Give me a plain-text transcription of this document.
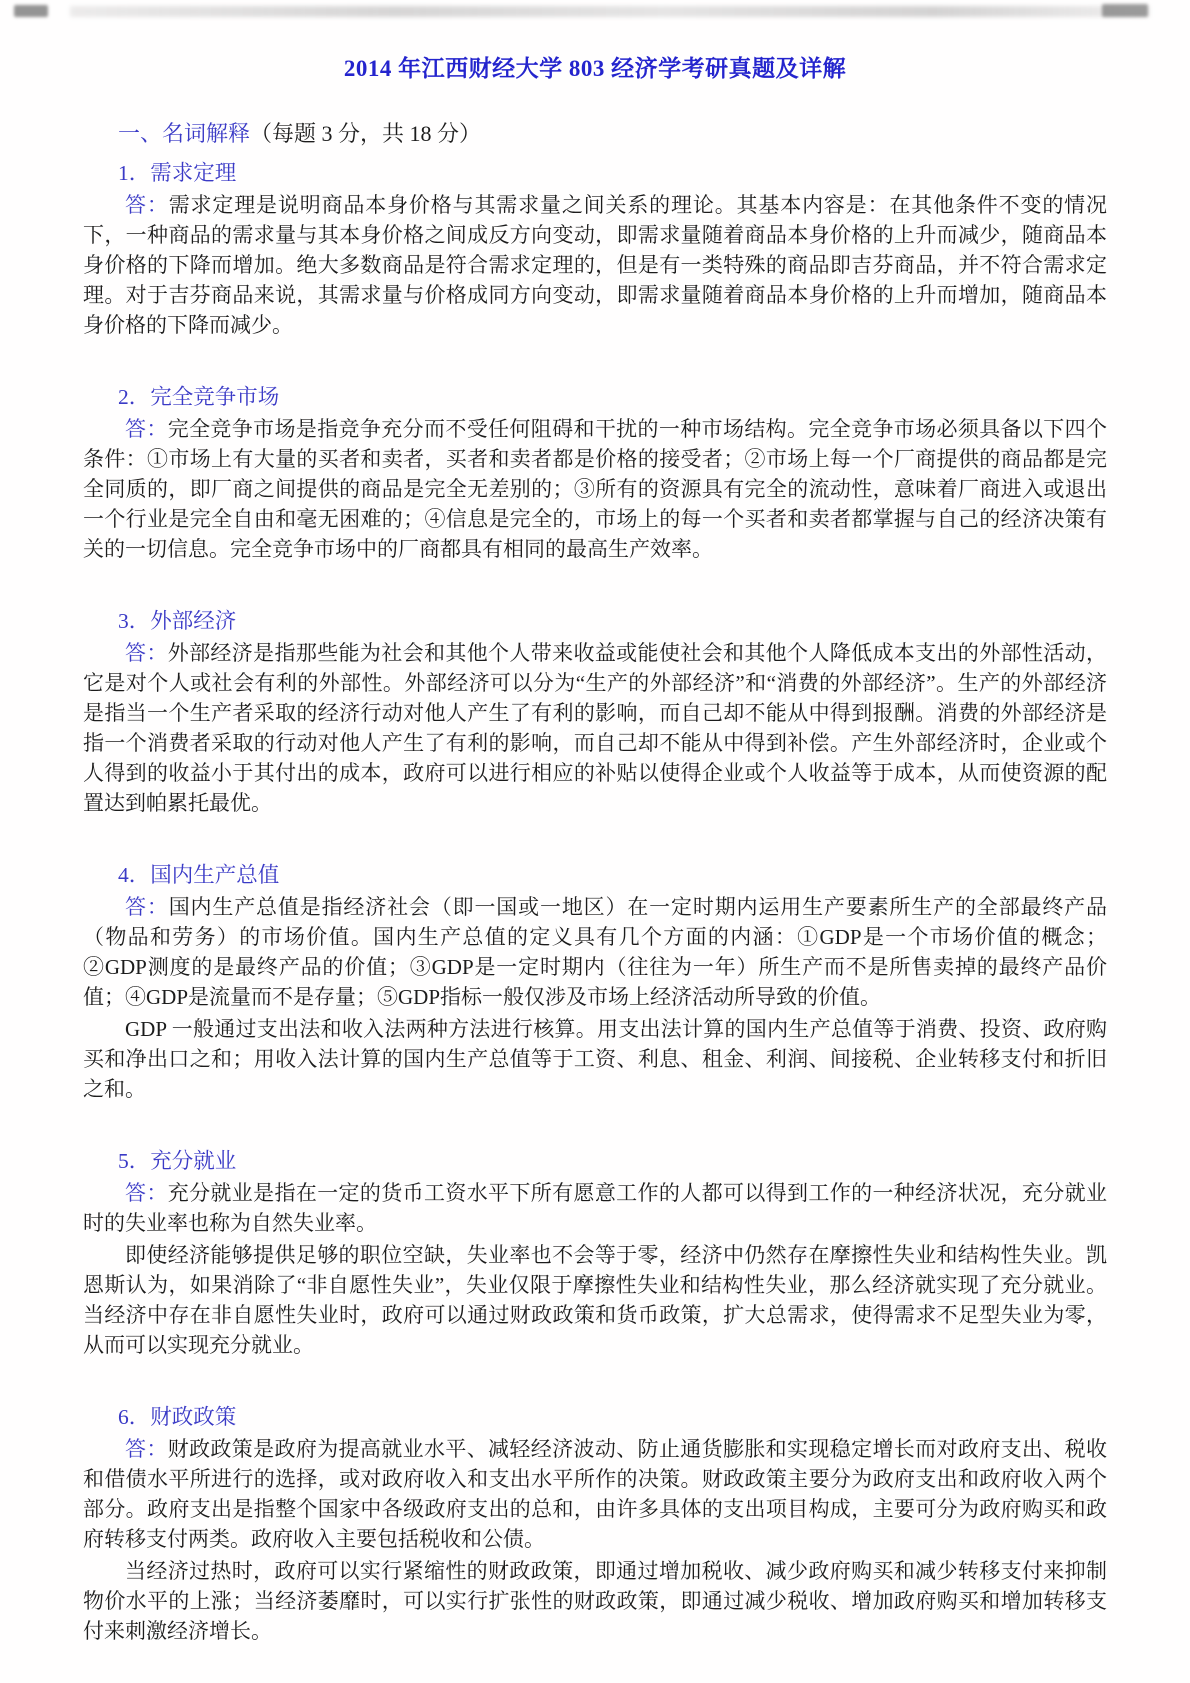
2014 年江西财经大学 803 经济学考研真题及详解

一、名词解释（每题 3 分，共 18 分）

1．需求定理

答：需求定理是说明商品本身价格与其需求量之间关系的理论。其基本内容是：在其他条件不变的情况下，一种商品的需求量与其本身价格之间成反方向变动，即需求量随着商品本身价格的上升而减少，随商品本身价格的下降而增加。绝大多数商品是符合需求定理的，但是有一类特殊的商品即吉芬商品，并不符合需求定理。对于吉芬商品来说，其需求量与价格成同方向变动，即需求量随着商品本身价格的上升而增加，随商品本身价格的下降而减少。

2．完全竞争市场

答：完全竞争市场是指竞争充分而不受任何阻碍和干扰的一种市场结构。完全竞争市场必须具备以下四个条件：①市场上有大量的买者和卖者，买者和卖者都是价格的接受者；②市场上每一个厂商提供的商品都是完全同质的，即厂商之间提供的商品是完全无差别的；③所有的资源具有完全的流动性，意味着厂商进入或退出一个行业是完全自由和毫无困难的；④信息是完全的，市场上的每一个买者和卖者都掌握与自己的经济决策有关的一切信息。完全竞争市场中的厂商都具有相同的最高生产效率。

3．外部经济

答：外部经济是指那些能为社会和其他个人带来收益或能使社会和其他个人降低成本支出的外部性活动，它是对个人或社会有利的外部性。外部经济可以分为“生产的外部经济”和“消费的外部经济”。生产的外部经济是指当一个生产者采取的经济行动对他人产生了有利的影响，而自己却不能从中得到报酬。消费的外部经济是指一个消费者采取的行动对他人产生了有利的影响，而自己却不能从中得到补偿。产生外部经济时，企业或个人得到的收益小于其付出的成本，政府可以进行相应的补贴以使得企业或个人收益等于成本，从而使资源的配置达到帕累托最优。

4．国内生产总值

答：国内生产总值是指经济社会（即一国或一地区）在一定时期内运用生产要素所生产的全部最终产品（物品和劳务）的市场价值。国内生产总值的定义具有几个方面的内涵：①GDP是一个市场价值的概念；②GDP测度的是最终产品的价值；③GDP是一定时期内（往往为一年）所生产而不是所售卖掉的最终产品价值；④GDP是流量而不是存量；⑤GDP指标一般仅涉及市场上经济活动所导致的价值。

GDP 一般通过支出法和收入法两种方法进行核算。用支出法计算的国内生产总值等于消费、投资、政府购买和净出口之和；用收入法计算的国内生产总值等于工资、利息、租金、利润、间接税、企业转移支付和折旧之和。

5．充分就业

答：充分就业是指在一定的货币工资水平下所有愿意工作的人都可以得到工作的一种经济状况，充分就业时的失业率也称为自然失业率。

即使经济能够提供足够的职位空缺，失业率也不会等于零，经济中仍然存在摩擦性失业和结构性失业。凯恩斯认为，如果消除了“非自愿性失业”，失业仅限于摩擦性失业和结构性失业，那么经济就实现了充分就业。当经济中存在非自愿性失业时，政府可以通过财政政策和货币政策，扩大总需求，使得需求不足型失业为零，从而可以实现充分就业。

6．财政政策

答：财政政策是政府为提高就业水平、减轻经济波动、防止通货膨胀和实现稳定增长而对政府支出、税收和借债水平所进行的选择，或对政府收入和支出水平所作的决策。财政政策主要分为政府支出和政府收入两个部分。政府支出是指整个国家中各级政府支出的总和，由许多具体的支出项目构成，主要可分为政府购买和政府转移支付两类。政府收入主要包括税收和公债。

当经济过热时，政府可以实行紧缩性的财政政策，即通过增加税收、减少政府购买和减少转移支付来抑制物价水平的上涨；当经济萎靡时，可以实行扩张性的财政政策，即通过减少税收、增加政府购买和增加转移支付来刺激经济增长。
